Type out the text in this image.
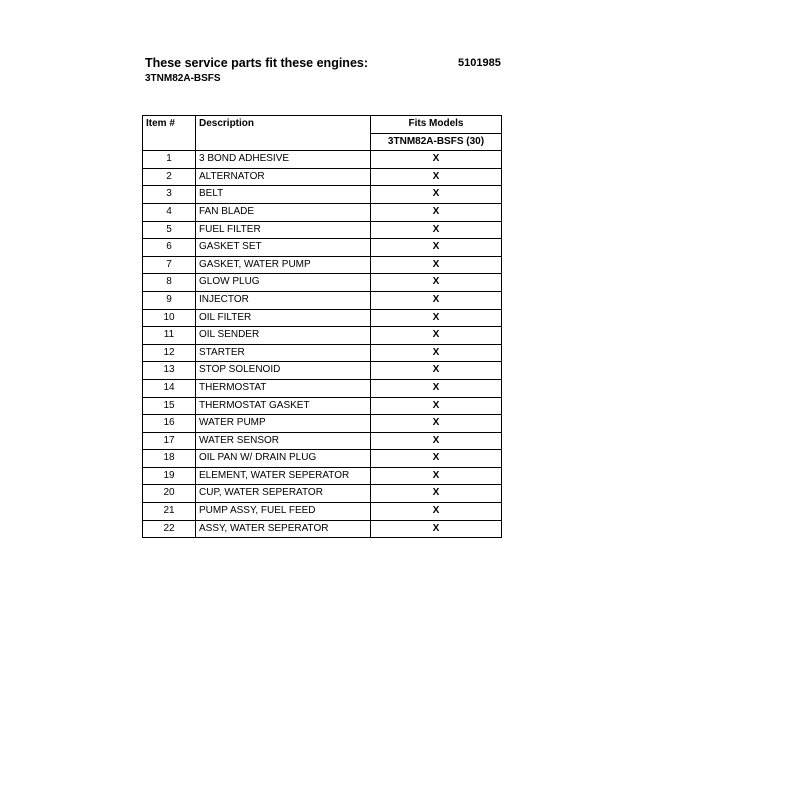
These service parts fit these engines:	5101985
3TNM82A-BSFS
Item #	Description	Fits Models
		3TNM82A-BSFS (30)
1	3 BOND ADHESIVE	X
2	ALTERNATOR	X
3	BELT	X
4	FAN BLADE	X
5	FUEL FILTER	X
6	GASKET SET	X
7	GASKET, WATER PUMP	X
8	GLOW PLUG	X
9	INJECTOR	X
10	OIL FILTER	X
11	OIL SENDER	X
12	STARTER	X
13	STOP SOLENOID	X
14	THERMOSTAT	X
15	THERMOSTAT GASKET	X
16	WATER PUMP	X
17	WATER SENSOR	X
18	OIL PAN W/ DRAIN PLUG	X
19	ELEMENT, WATER SEPERATOR	X
20	CUP, WATER SEPERATOR	X
21	PUMP ASSY, FUEL FEED	X
22	ASSY, WATER SEPERATOR	X
